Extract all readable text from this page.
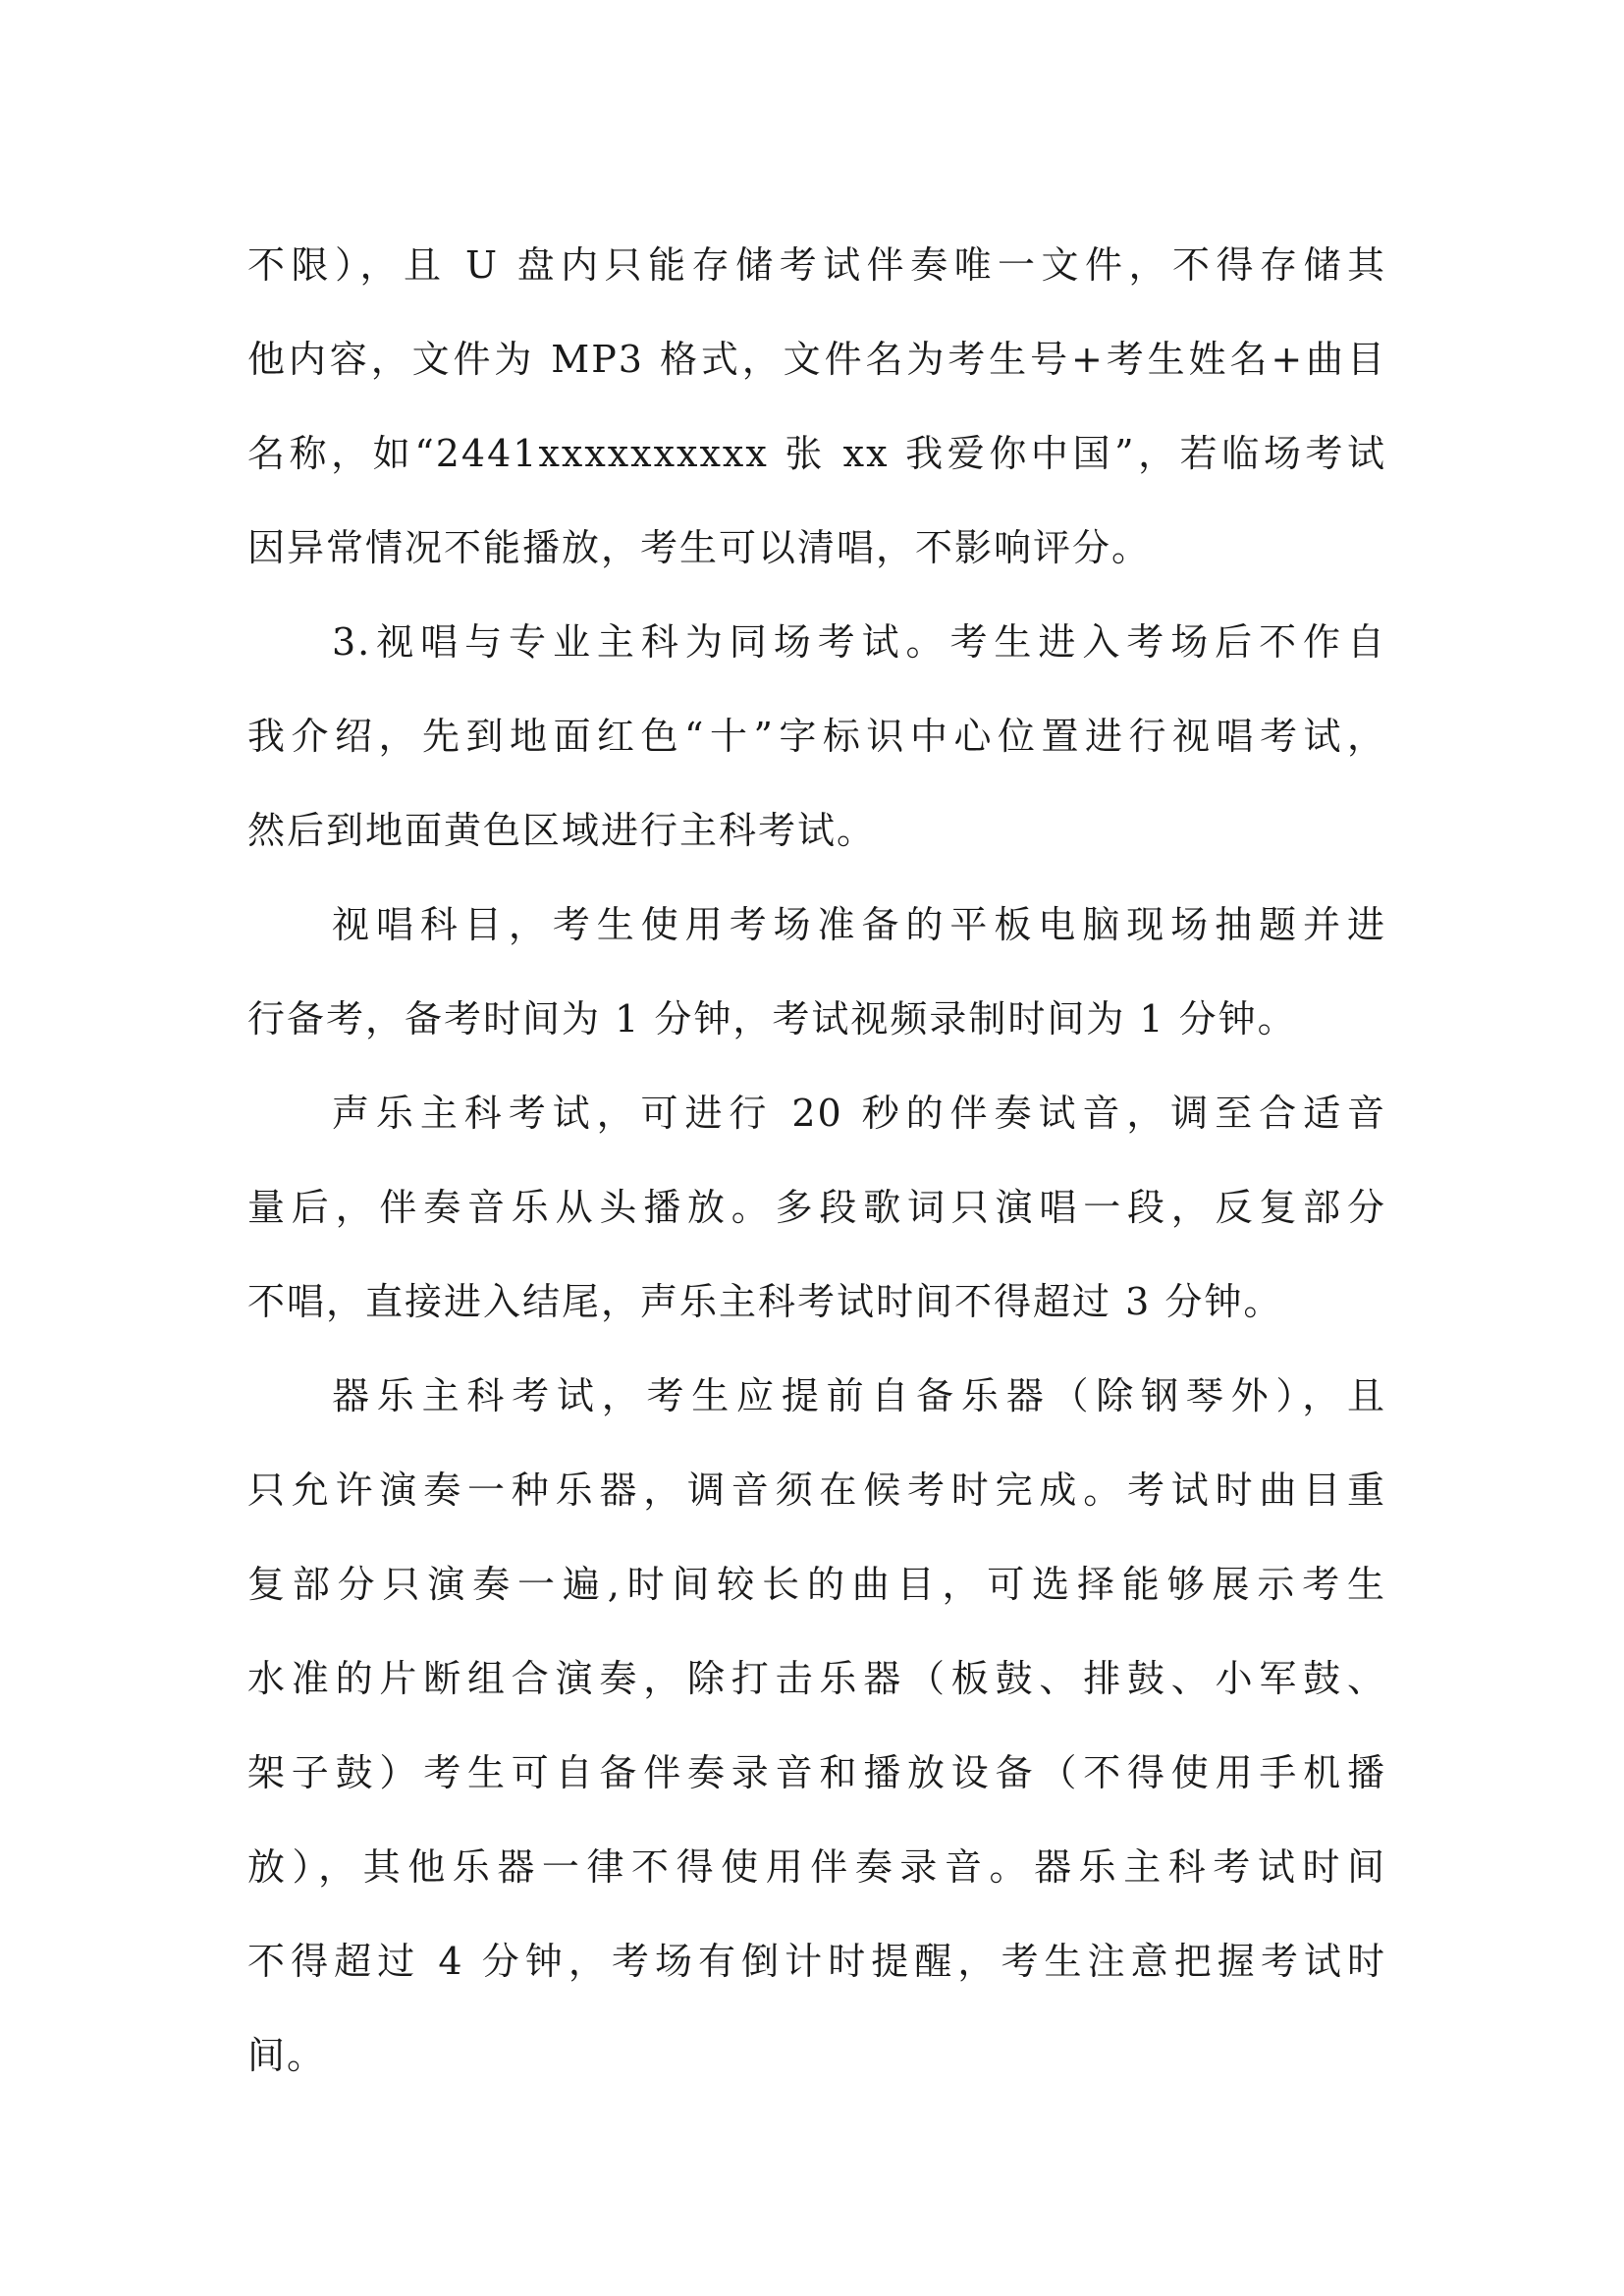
不限），且 U 盘内只能存储考试伴奏唯一文件，不得存储其
他内容，文件为 MP3 格式，文件名为考生号+考生姓名+曲目
名称，如“2441xxxxxxxxxx 张 xx 我爱你中国”，若临场考试
因异常情况不能播放，考生可以清唱，不影响评分。
3.视唱与专业主科为同场考试。考生进入考场后不作自
我介绍，先到地面红色“十”字标识中心位置进行视唱考试，
然后到地面黄色区域进行主科考试。
视唱科目，考生使用考场准备的平板电脑现场抽题并进
行备考，备考时间为 1 分钟，考试视频录制时间为 1 分钟。
声乐主科考试，可进行 20 秒的伴奏试音，调至合适音
量后，伴奏音乐从头播放。多段歌词只演唱一段，反复部分
不唱，直接进入结尾，声乐主科考试时间不得超过 3 分钟。
器乐主科考试，考生应提前自备乐器（除钢琴外），且
只允许演奏一种乐器，调音须在候考时完成。考试时曲目重
复部分只演奏一遍,时间较长的曲目，可选择能够展示考生
水准的片断组合演奏，除打击乐器（板鼓、排鼓、小军鼓、
架子鼓）考生可自备伴奏录音和播放设备（不得使用手机播
放），其他乐器一律不得使用伴奏录音。器乐主科考试时间
不得超过 4 分钟，考场有倒计时提醒，考生注意把握考试时
间。
